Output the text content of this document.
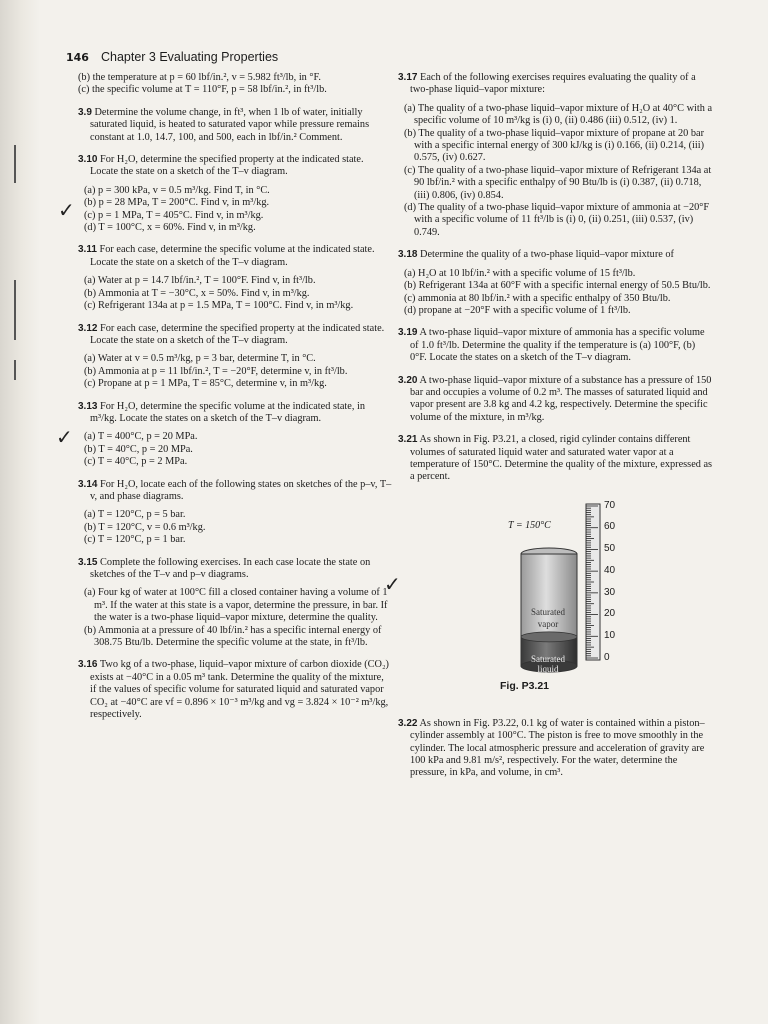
146 Chapter 3 Evaluating Properties
(b) the temperature at p = 60 lbf/in.², v = 5.982 ft³/lb, in °F.
(c) the specific volume at T = 110°F, p = 58 lbf/in.², in ft³/lb.
3.9 Determine the volume change, in ft³, when 1 lb of water, initially saturated liquid, is heated to saturated vapor while pressure remains constant at 1.0, 14.7, 100, and 500, each in lbf/in.² Comment.
3.10 For H₂O, determine the specified property at the indicated state. Locate the state on a sketch of the T–v diagram.
(a) p = 300 kPa, v = 0.5 m³/kg. Find T, in °C.
(b) p = 28 MPa, T = 200°C. Find v, in m³/kg.
(c) p = 1 MPa, T = 405°C. Find v, in m³/kg.
(d) T = 100°C, x = 60%. Find v, in m³/kg.
3.11 For each case, determine the specific volume at the indicated state. Locate the state on a sketch of the T–v diagram.
(a) Water at p = 14.7 lbf/in.², T = 100°F. Find v, in ft³/lb.
(b) Ammonia at T = −30°C, x = 50%. Find v, in m³/kg.
(c) Refrigerant 134a at p = 1.5 MPa, T = 100°C. Find v, in m³/kg.
3.12 For each case, determine the specified property at the indicated state. Locate the state on a sketch of the T–v diagram.
(a) Water at v = 0.5 m³/kg, p = 3 bar, determine T, in °C.
(b) Ammonia at p = 11 lbf/in.², T = −20°F, determine v, in ft³/lb.
(c) Propane at p = 1 MPa, T = 85°C, determine v, in m³/kg.
3.13 For H₂O, determine the specific volume at the indicated state, in m³/kg. Locate the states on a sketch of the T–v diagram.
(a) T = 400°C, p = 20 MPa.
(b) T = 40°C, p = 20 MPa.
(c) T = 40°C, p = 2 MPa.
3.14 For H₂O, locate each of the following states on sketches of the p–v, T–v, and phase diagrams.
(a) T = 120°C, p = 5 bar.
(b) T = 120°C, v = 0.6 m³/kg.
(c) T = 120°C, p = 1 bar.
3.15 Complete the following exercises. In each case locate the state on sketches of the T–v and p–v diagrams.
(a) Four kg of water at 100°C fill a closed container having a volume of 1 m³. If the water at this state is a vapor, determine the pressure, in bar. If the water is a two-phase liquid–vapor mixture, determine the quality.
(b) Ammonia at a pressure of 40 lbf/in.² has a specific internal energy of 308.75 Btu/lb. Determine the specific volume at the state, in ft³/lb.
3.16 Two kg of a two-phase, liquid–vapor mixture of carbon dioxide (CO₂) exists at −40°C in a 0.05 m³ tank. Determine the quality of the mixture, if the values of specific volume for saturated liquid and saturated vapor CO₂ at −40°C are vf = 0.896 × 10⁻³ m³/kg and vg = 3.824 × 10⁻² m³/kg, respectively.
✓
✓
✓
3.17 Each of the following exercises requires evaluating the quality of a two-phase liquid–vapor mixture:
(a) The quality of a two-phase liquid–vapor mixture of H₂O at 40°C with a specific volume of 10 m³/kg is (i) 0, (ii) 0.486 (iii) 0.512, (iv) 1.
(b) The quality of a two-phase liquid–vapor mixture of propane at 20 bar with a specific internal energy of 300 kJ/kg is (i) 0.166, (ii) 0.214, (iii) 0.575, (iv) 0.627.
(c) The quality of a two-phase liquid–vapor mixture of Refrigerant 134a at 90 lbf/in.² with a specific enthalpy of 90 Btu/lb is (i) 0.387, (ii) 0.718, (iii) 0.806, (iv) 0.854.
(d) The quality of a two-phase liquid–vapor mixture of ammonia at −20°F with a specific volume of 11 ft³/lb is (i) 0, (ii) 0.251, (iii) 0.537, (iv) 0.749.
3.18 Determine the quality of a two-phase liquid–vapor mixture of
(a) H₂O at 10 lbf/in.² with a specific volume of 15 ft³/lb.
(b) Refrigerant 134a at 60°F with a specific internal energy of 50.5 Btu/lb.
(c) ammonia at 80 lbf/in.² with a specific enthalpy of 350 Btu/lb.
(d) propane at −20°F with a specific volume of 1 ft³/lb.
3.19 A two-phase liquid–vapor mixture of ammonia has a specific volume of 1.0 ft³/lb. Determine the quality if the temperature is (a) 100°F, (b) 0°F. Locate the states on a sketch of the T–v diagram.
3.20 A two-phase liquid–vapor mixture of a substance has a pressure of 150 bar and occupies a volume of 0.2 m³. The masses of saturated liquid and vapor present are 3.8 kg and 4.2 kg, respectively. Determine the specific volume of the mixture, in m³/kg.
3.21 As shown in Fig. P3.21, a closed, rigid cylinder contains different volumes of saturated liquid water and saturated water vapor at a temperature of 150°C. Determine the quality of the mixture, expressed as a percent.
T = 150°C
Saturated vapor
Saturated liquid
70
60
50
40
30
20
10
0
Fig. P3.21
3.22 As shown in Fig. P3.22, 0.1 kg of water is contained within a piston–cylinder assembly at 100°C. The piston is free to move smoothly in the cylinder. The local atmospheric pressure and acceleration of gravity are 100 kPa and 9.81 m/s², respectively. For the water, determine the pressure, in kPa, and volume, in cm³.
